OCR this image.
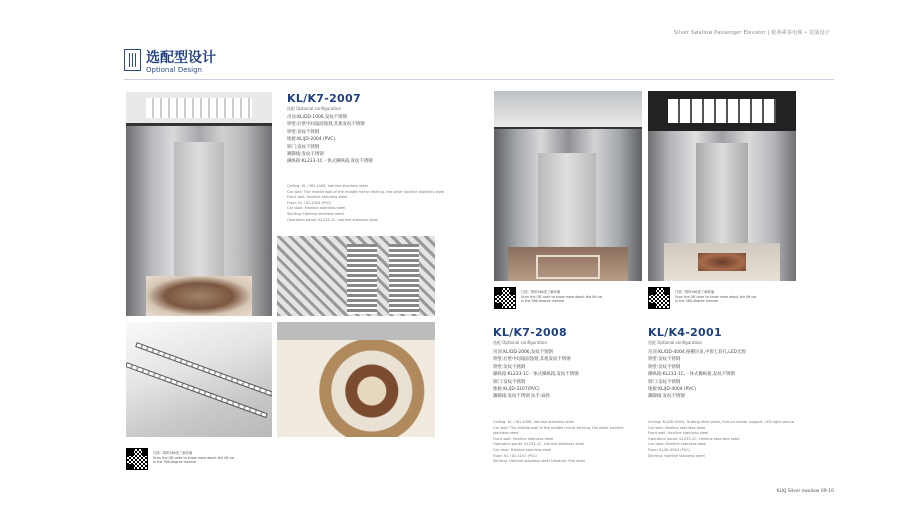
Silver Swallow Passenger Elevator | 银燕乘客电梯 • 装潢设计
选配型设计
Optional Design
KL/K7-2007
选配 Optional configuration
吊顶:KL/DD-1006,发纹不锈钢
轿壁:后壁中间镜面蚀刻,其他发纹不锈钢
轿壁:发纹不锈钢
地板:KL/JD-2004 (PVC)
轿门:发纹不锈钢
踢脚线:发纹不锈钢
操纵箱:KL233-1C一体式操纵箱,发纹不锈钢
Ceiling: KL / DD-1006, hairline stainless steel
Car wall: The middle wall of the middle mirror etching, the other hairline stainless steel
Front wall: Hairline stainless steel
Floor: KL / JD-2004 (PVC)
Car door: Hairline stainless steel
Skirting: Hairline stainless steel
Operation panel: KL233-1C, hairline stainless steel
扫描二维码360度了解轿厢
Scan the QR code to know more about the lift car
in the 360-degree manner
扫描二维码360度了解轿厢
Scan the QR code to know more about the lift car
in the 360-degree manner
KL/K7-2008
选配 Optional configuration
吊顶:KL/DD-2006,发纹不锈钢
轿壁:后壁中间镜面蚀刻,其他发纹不锈钢
轿壁:发纹不锈钢
操纵箱:KL233-1C一体式操纵箱,发纹不锈钢
轿门:发纹不锈钢
地板:KL/JD-3107(PVC)
踢脚线:发纹不锈钢 扶手:扁铁
Ceiling: KL / DD-2006, hairline stainless steel
Car wall: The middle wall of the middle mirror etching, the other hairline
stainless steel
Front wall: Hairline stainless steel
Operation panel: KL233-1C, hairline stainless steel
Car door: Hairline stainless steel
Floor: KL / JD-3107 (PVC)
Skirting: Hairline stainless steel Handrail: Flat steel
扫描二维码360度了解轿厢
Scan the QR code to know more about the lift car
in the 360-degree manner
KL/K4-2001
选配 Optional configuration
吊顶:KL/DD-4004,格栅吊顶,中嵌七彩孔,LED光源
轿壁:发纹不锈钢
轿壁:发纹不锈钢
操纵箱:KL233-1C,一体式操纵箱,发纹不锈钢
轿门:发纹不锈钢
地板:KL/JD-4004 (PVC)
踢脚线:发纹不锈钢
Ceiling: KL/DD-4004, Grating steel plate, fold-on center support, LED light source
Car wall: Hairline stainless steel
Front wall: Hairline stainless steel
Operation panel: KL233-1C, Hairline stainless steel
Car door: Hairline stainless steel
Floor: KL/JD-4004 (PVC)
Skirting: Hairline stainless steel
KLKJ Silver swallow 09-10
